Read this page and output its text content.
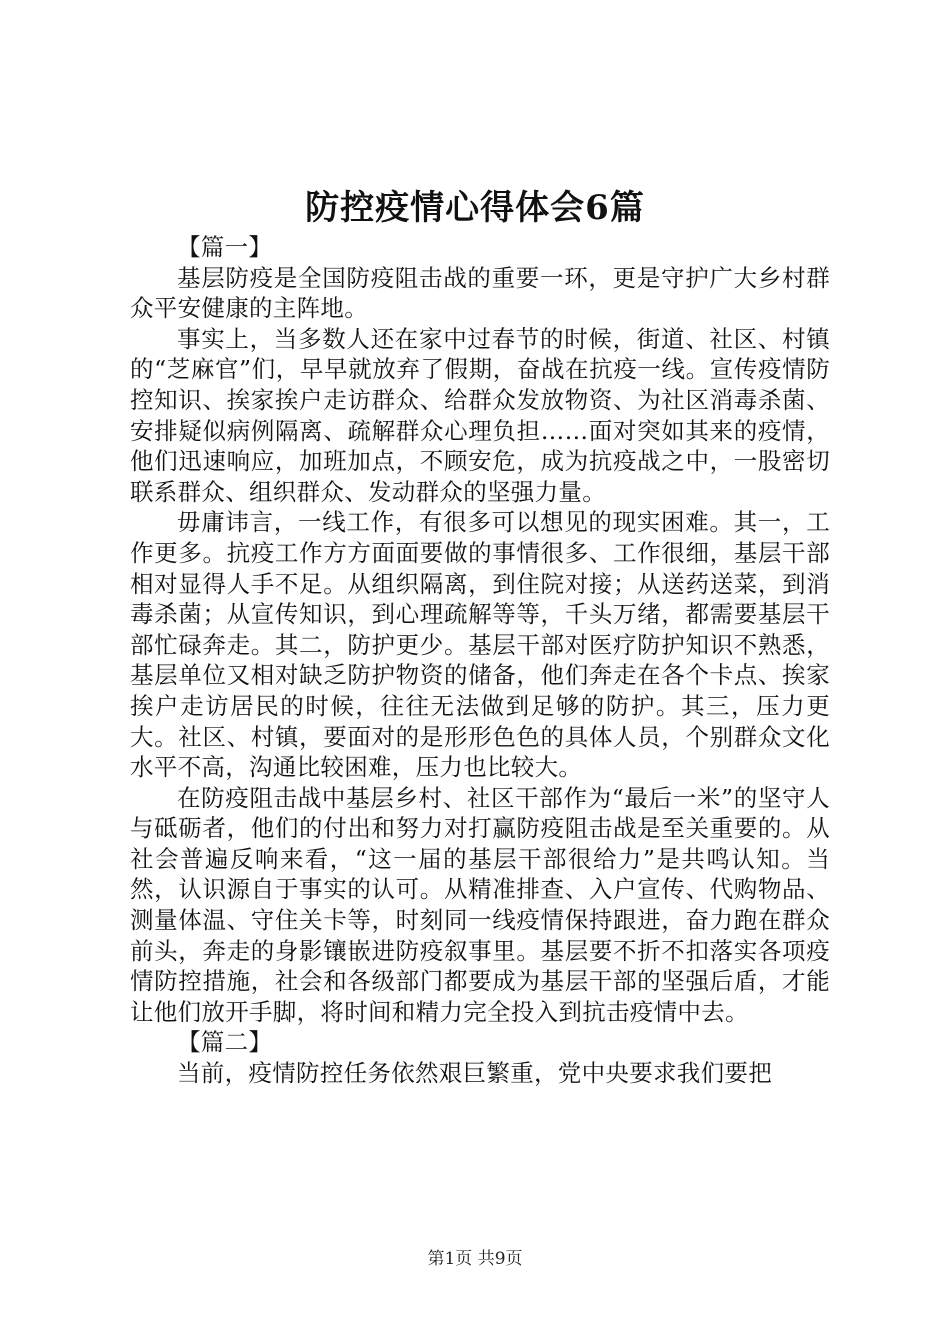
防控疫情心得体会6篇

【篇一】

基层防疫是全国防疫阻击战的重要一环，更是守护广大乡村群众平安健康的主阵地。

事实上，当多数人还在家中过春节的时候，街道、社区、村镇的“芝麻官”们，早早就放弃了假期，奋战在抗疫一线。宣传疫情防控知识、挨家挨户走访群众、给群众发放物资、为社区消毒杀菌、安排疑似病例隔离、疏解群众心理负担……面对突如其来的疫情，他们迅速响应，加班加点，不顾安危，成为抗疫战之中，一股密切联系群众、组织群众、发动群众的坚强力量。

毋庸讳言，一线工作，有很多可以想见的现实困难。其一，工作更多。抗疫工作方方面面要做的事情很多、工作很细，基层干部相对显得人手不足。从组织隔离，到住院对接；从送药送菜，到消毒杀菌；从宣传知识，到心理疏解等等，千头万绪，都需要基层干部忙碌奔走。其二，防护更少。基层干部对医疗防护知识不熟悉，基层单位又相对缺乏防护物资的储备，他们奔走在各个卡点、挨家挨户走访居民的时候，往往无法做到足够的防护。其三，压力更大。社区、村镇，要面对的是形形色色的具体人员，个别群众文化水平不高，沟通比较困难，压力也比较大。

在防疫阻击战中基层乡村、社区干部作为“最后一米”的坚守人与砥砺者，他们的付出和努力对打赢防疫阻击战是至关重要的。从社会普遍反响来看，“这一届的基层干部很给力”是共鸣认知。当然，认识源自于事实的认可。从精准排查、入户宣传、代购物品、测量体温、守住关卡等，时刻同一线疫情保持跟进，奋力跑在群众前头，奔走的身影镶嵌进防疫叙事里。基层要不折不扣落实各项疫情防控措施，社会和各级部门都要成为基层干部的坚强后盾，才能让他们放开手脚，将时间和精力完全投入到抗击疫情中去。

【篇二】

当前，疫情防控任务依然艰巨繁重，党中央要求我们要把

第1页 共9页
